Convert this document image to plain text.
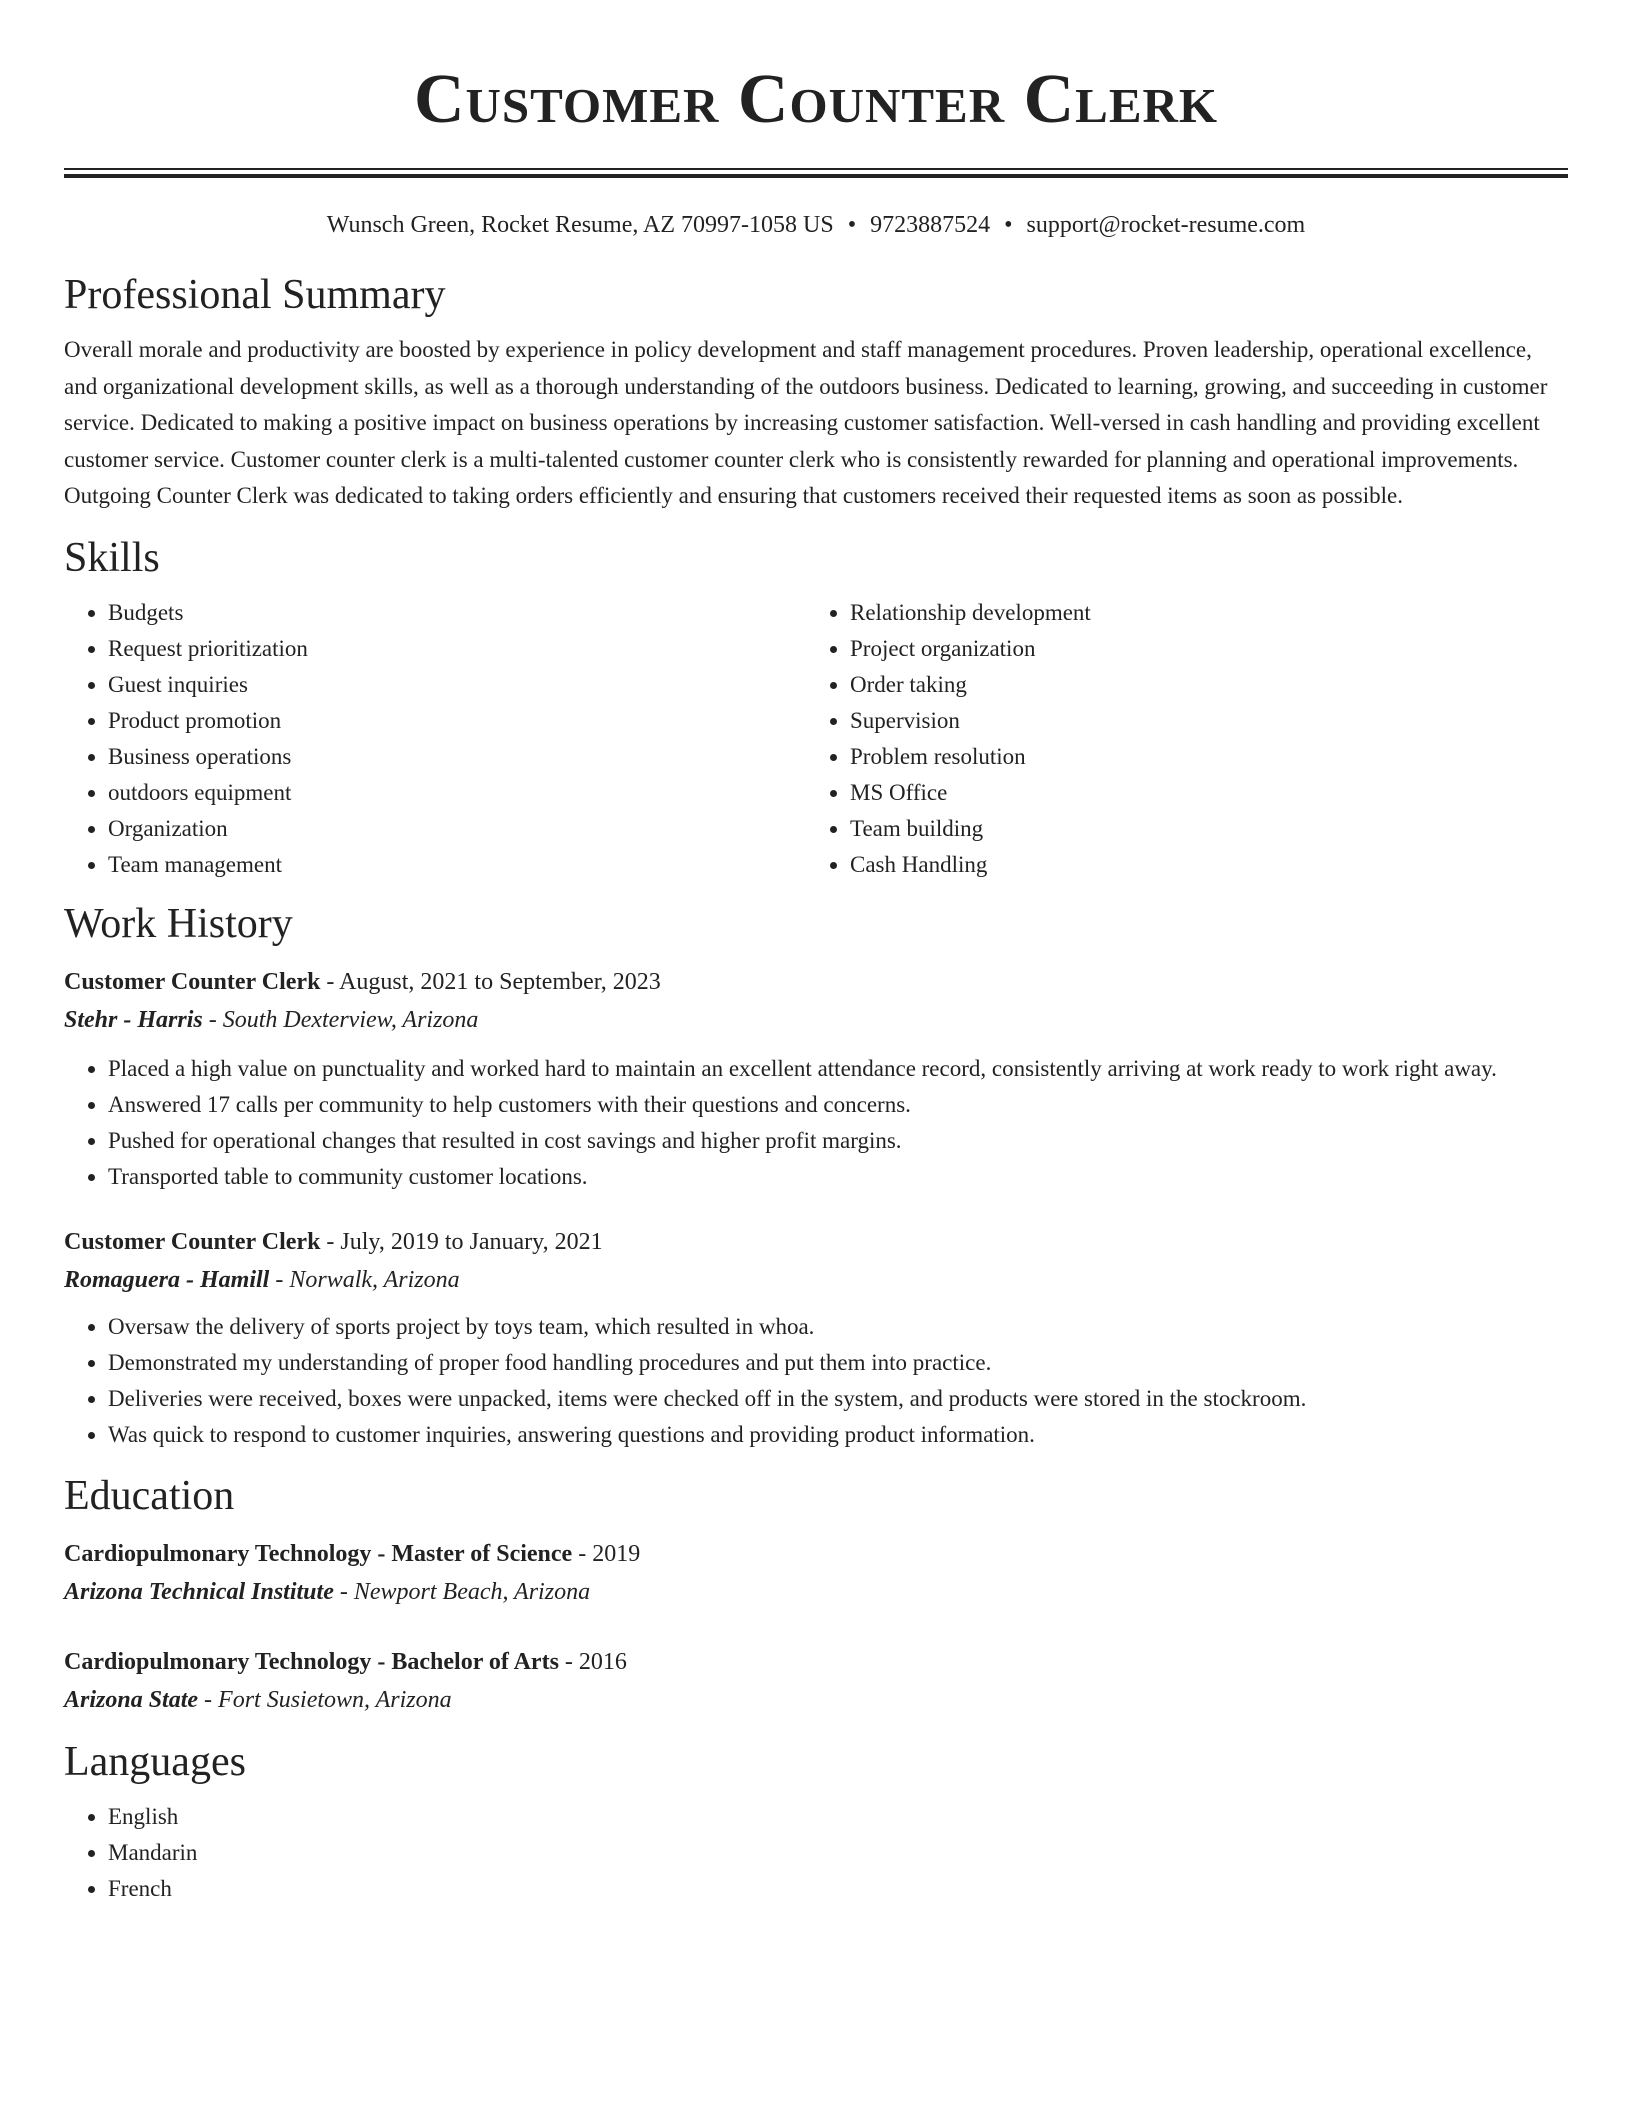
Customer Counter Clerk
Wunsch Green, Rocket Resume, AZ 70997-1058 US • 9723887524 • support@rocket-resume.com
Professional Summary

Overall morale and productivity are boosted by experience in policy development and staff management procedures. Proven leadership, operational excellence, and organizational development skills, as well as a thorough understanding of the outdoors business. Dedicated to learning, growing, and succeeding in customer service. Dedicated to making a positive impact on business operations by increasing customer satisfaction. Well-versed in cash handling and providing excellent customer service. Customer counter clerk is a multi-talented customer counter clerk who is consistently rewarded for planning and operational improvements. Outgoing Counter Clerk was dedicated to taking orders efficiently and ensuring that customers received their requested items as soon as possible.

Skills
• Budgets
• Request prioritization
• Guest inquiries
• Product promotion
• Business operations
• outdoors equipment
• Organization
• Team management
• Relationship development
• Project organization
• Order taking
• Supervision
• Problem resolution
• MS Office
• Team building
• Cash Handling
Work History
Customer Counter Clerk - August, 2021 to September, 2023
Stehr - Harris - South Dexterview, Arizona
• Placed a high value on punctuality and worked hard to maintain an excellent attendance record, consistently arriving at work ready to work right away.
• Answered 17 calls per community to help customers with their questions and concerns.
• Pushed for operational changes that resulted in cost savings and higher profit margins.
• Transported table to community customer locations.
Customer Counter Clerk - July, 2019 to January, 2021
Romaguera - Hamill - Norwalk, Arizona
• Oversaw the delivery of sports project by toys team, which resulted in whoa.
• Demonstrated my understanding of proper food handling procedures and put them into practice.
• Deliveries were received, boxes were unpacked, items were checked off in the system, and products were stored in the stockroom.
• Was quick to respond to customer inquiries, answering questions and providing product information.
Education
Cardiopulmonary Technology - Master of Science - 2019
Arizona Technical Institute - Newport Beach, Arizona
Cardiopulmonary Technology - Bachelor of Arts - 2016
Arizona State - Fort Susietown, Arizona
Languages
• English
• Mandarin
• French
